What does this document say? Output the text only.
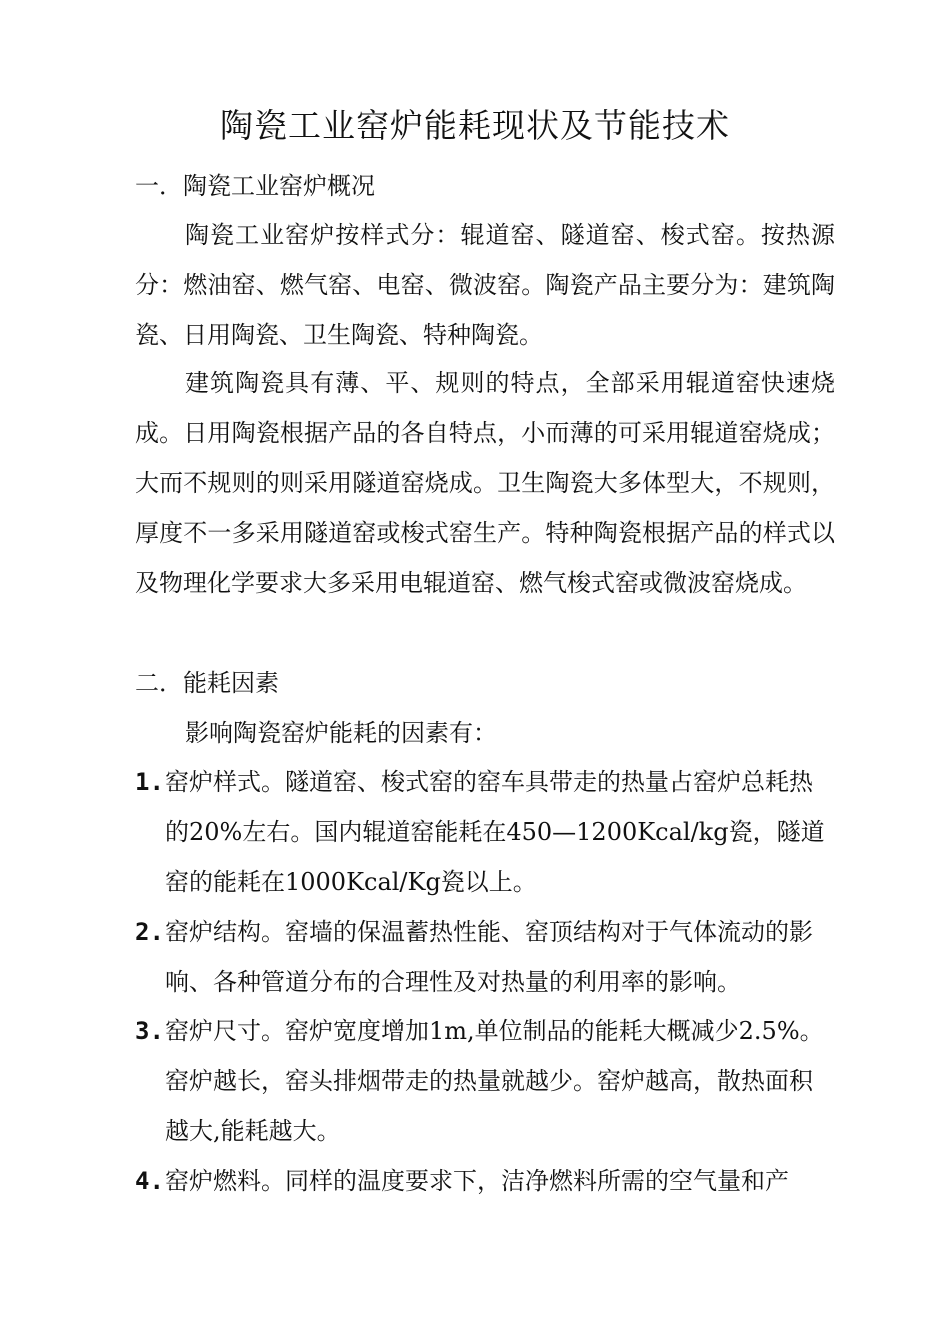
陶瓷工业窑炉能耗现状及节能技术
一．陶瓷工业窑炉概况

陶瓷工业窑炉按样式分：辊道窑、隧道窑、梭式窑。按热源分：燃油窑、燃气窑、电窑、微波窑。陶瓷产品主要分为：建筑陶瓷、日用陶瓷、卫生陶瓷、特种陶瓷。

建筑陶瓷具有薄、平、规则的特点，全部采用辊道窑快速烧成。日用陶瓷根据产品的各自特点，小而薄的可采用辊道窑烧成；大而不规则的则采用隧道窑烧成。卫生陶瓷大多体型大，不规则，厚度不一多采用隧道窑或梭式窑生产。特种陶瓷根据产品的样式以及物理化学要求大多采用电辊道窑、燃气梭式窑或微波窑烧成。

二．能耗因素

影响陶瓷窑炉能耗的因素有：

1. 窑炉样式。隧道窑、梭式窑的窑车具带走的热量占窑炉总耗热的20%左右。国内辊道窑能耗在450—1200Kcal/kg瓷，隧道窑的能耗在1000Kcal/Kg瓷以上。
2. 窑炉结构。窑墙的保温蓄热性能、窑顶结构对于气体流动的影响、各种管道分布的合理性及对热量的利用率的影响。
3. 窑炉尺寸。窑炉宽度增加1m,单位制品的能耗大概减少2.5%。窑炉越长，窑头排烟带走的热量就越少。窑炉越高，散热面积越大,能耗越大。
4. 窑炉燃料。同样的温度要求下，洁净燃料所需的空气量和产
